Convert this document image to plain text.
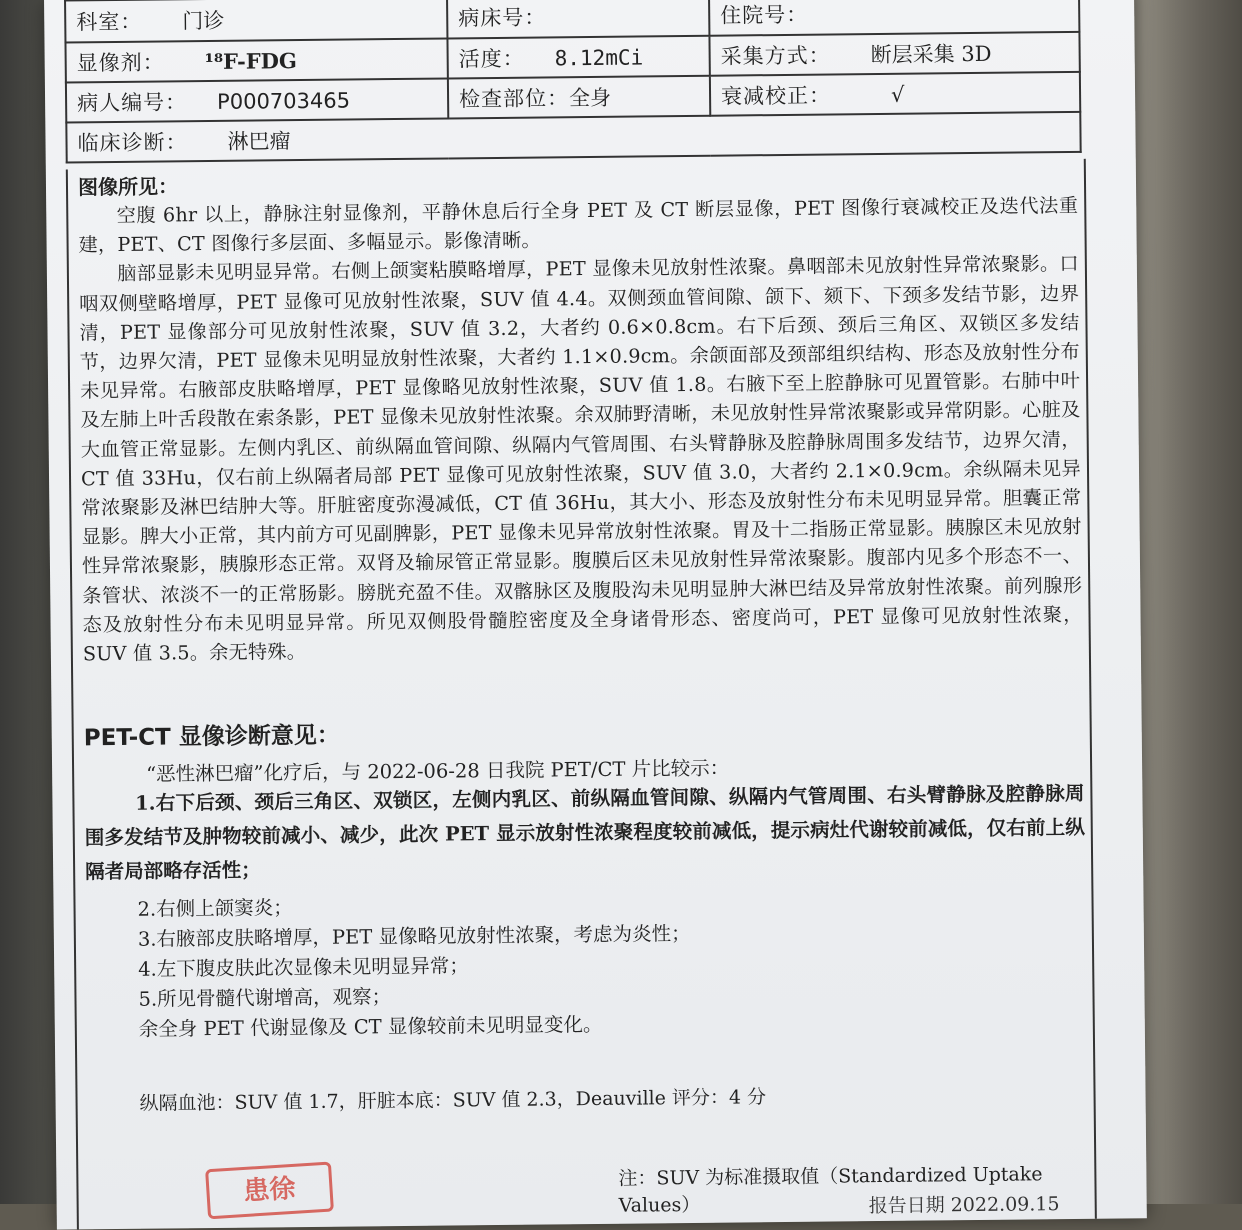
科室： 门诊	病床号：	住院号：
显像剂： ¹⁸F-FDG	活度： 8.12mCi	采集方式： 断层采集 3D
病人编号： P000703465	检查部位：全身	衰减校正： √
临床诊断： 淋巴瘤		
图像所见：

空腹 6hr 以上，静脉注射显像剂，平静休息后行全身 PET 及 CT 断层显像，PET 图像行衰减校正及迭代法重建，PET、CT 图像行多层面、多幅显示。影像清晰。

脑部显影未见明显异常。右侧上颌窦粘膜略增厚，PET 显像未见放射性浓聚。鼻咽部未见放射性异常浓聚影。口咽双侧壁略增厚，PET 显像可见放射性浓聚，SUV 值 4.4。双侧颈血管间隙、颌下、颏下、下颈多发结节影，边界清，PET 显像部分可见放射性浓聚，SUV 值 3.2，大者约 0.6×0.8cm。右下后颈、颈后三角区、双锁区多发结节，边界欠清，PET 显像未见明显放射性浓聚，大者约 1.1×0.9cm。余颌面部及颈部组织结构、形态及放射性分布未见异常。右腋部皮肤略增厚，PET 显像略见放射性浓聚，SUV 值 1.8。右腋下至上腔静脉可见置管影。右肺中叶及左肺上叶舌段散在索条影，PET 显像未见放射性浓聚。余双肺野清晰，未见放射性异常浓聚影或异常阴影。心脏及大血管正常显影。左侧内乳区、前纵隔血管间隙、纵隔内气管周围、右头臂静脉及腔静脉周围多发结节，边界欠清，CT 值 33Hu，仅右前上纵隔者局部 PET 显像可见放射性浓聚，SUV 值 3.0，大者约 2.1×0.9cm。余纵隔未见异常浓聚影及淋巴结肿大等。肝脏密度弥漫减低，CT 值 36Hu，其大小、形态及放射性分布未见明显异常。胆囊正常显影。脾大小正常，其内前方可见副脾影，PET 显像未见异常放射性浓聚。胃及十二指肠正常显影。胰腺区未见放射性异常浓聚影，胰腺形态正常。双肾及输尿管正常显影。腹膜后区未见放射性异常浓聚影。腹部内见多个形态不一、条管状、浓淡不一的正常肠影。膀胱充盈不佳。双髂脉区及腹股沟未见明显肿大淋巴结及异常放射性浓聚。前列腺形态及放射性分布未见明显异常。所见双侧股骨髓腔密度及全身诸骨形态、密度尚可，PET 显像可见放射性浓聚，SUV 值 3.5。余无特殊。

PET-CT 显像诊断意见：
“恶性淋巴瘤”化疗后，与 2022-06-28 日我院 PET/CT 片比较示：

1.右下后颈、颈后三角区、双锁区，左侧内乳区、前纵隔血管间隙、纵隔内气管周围、右头臂静脉及腔静脉周围多发结节及肿物较前减小、减少，此次 PET 显示放射性浓聚程度较前减低，提示病灶代谢较前减低，仅右前上纵隔者局部略存活性；

2.右侧上颌窦炎；

3.右腋部皮肤略增厚，PET 显像略见放射性浓聚，考虑为炎性；

4.左下腹皮肤此次显像未见明显异常；

5.所见骨髓代谢增高，观察；

余全身 PET 代谢显像及 CT 显像较前未见明显变化。

纵隔血池：SUV 值 1.7，肝脏本底：SUV 值 2.3，Deauville 评分：4 分
注：SUV 为标准摄取值（Standardized Uptake Values）	报告日期 2022.09.15
患徐
